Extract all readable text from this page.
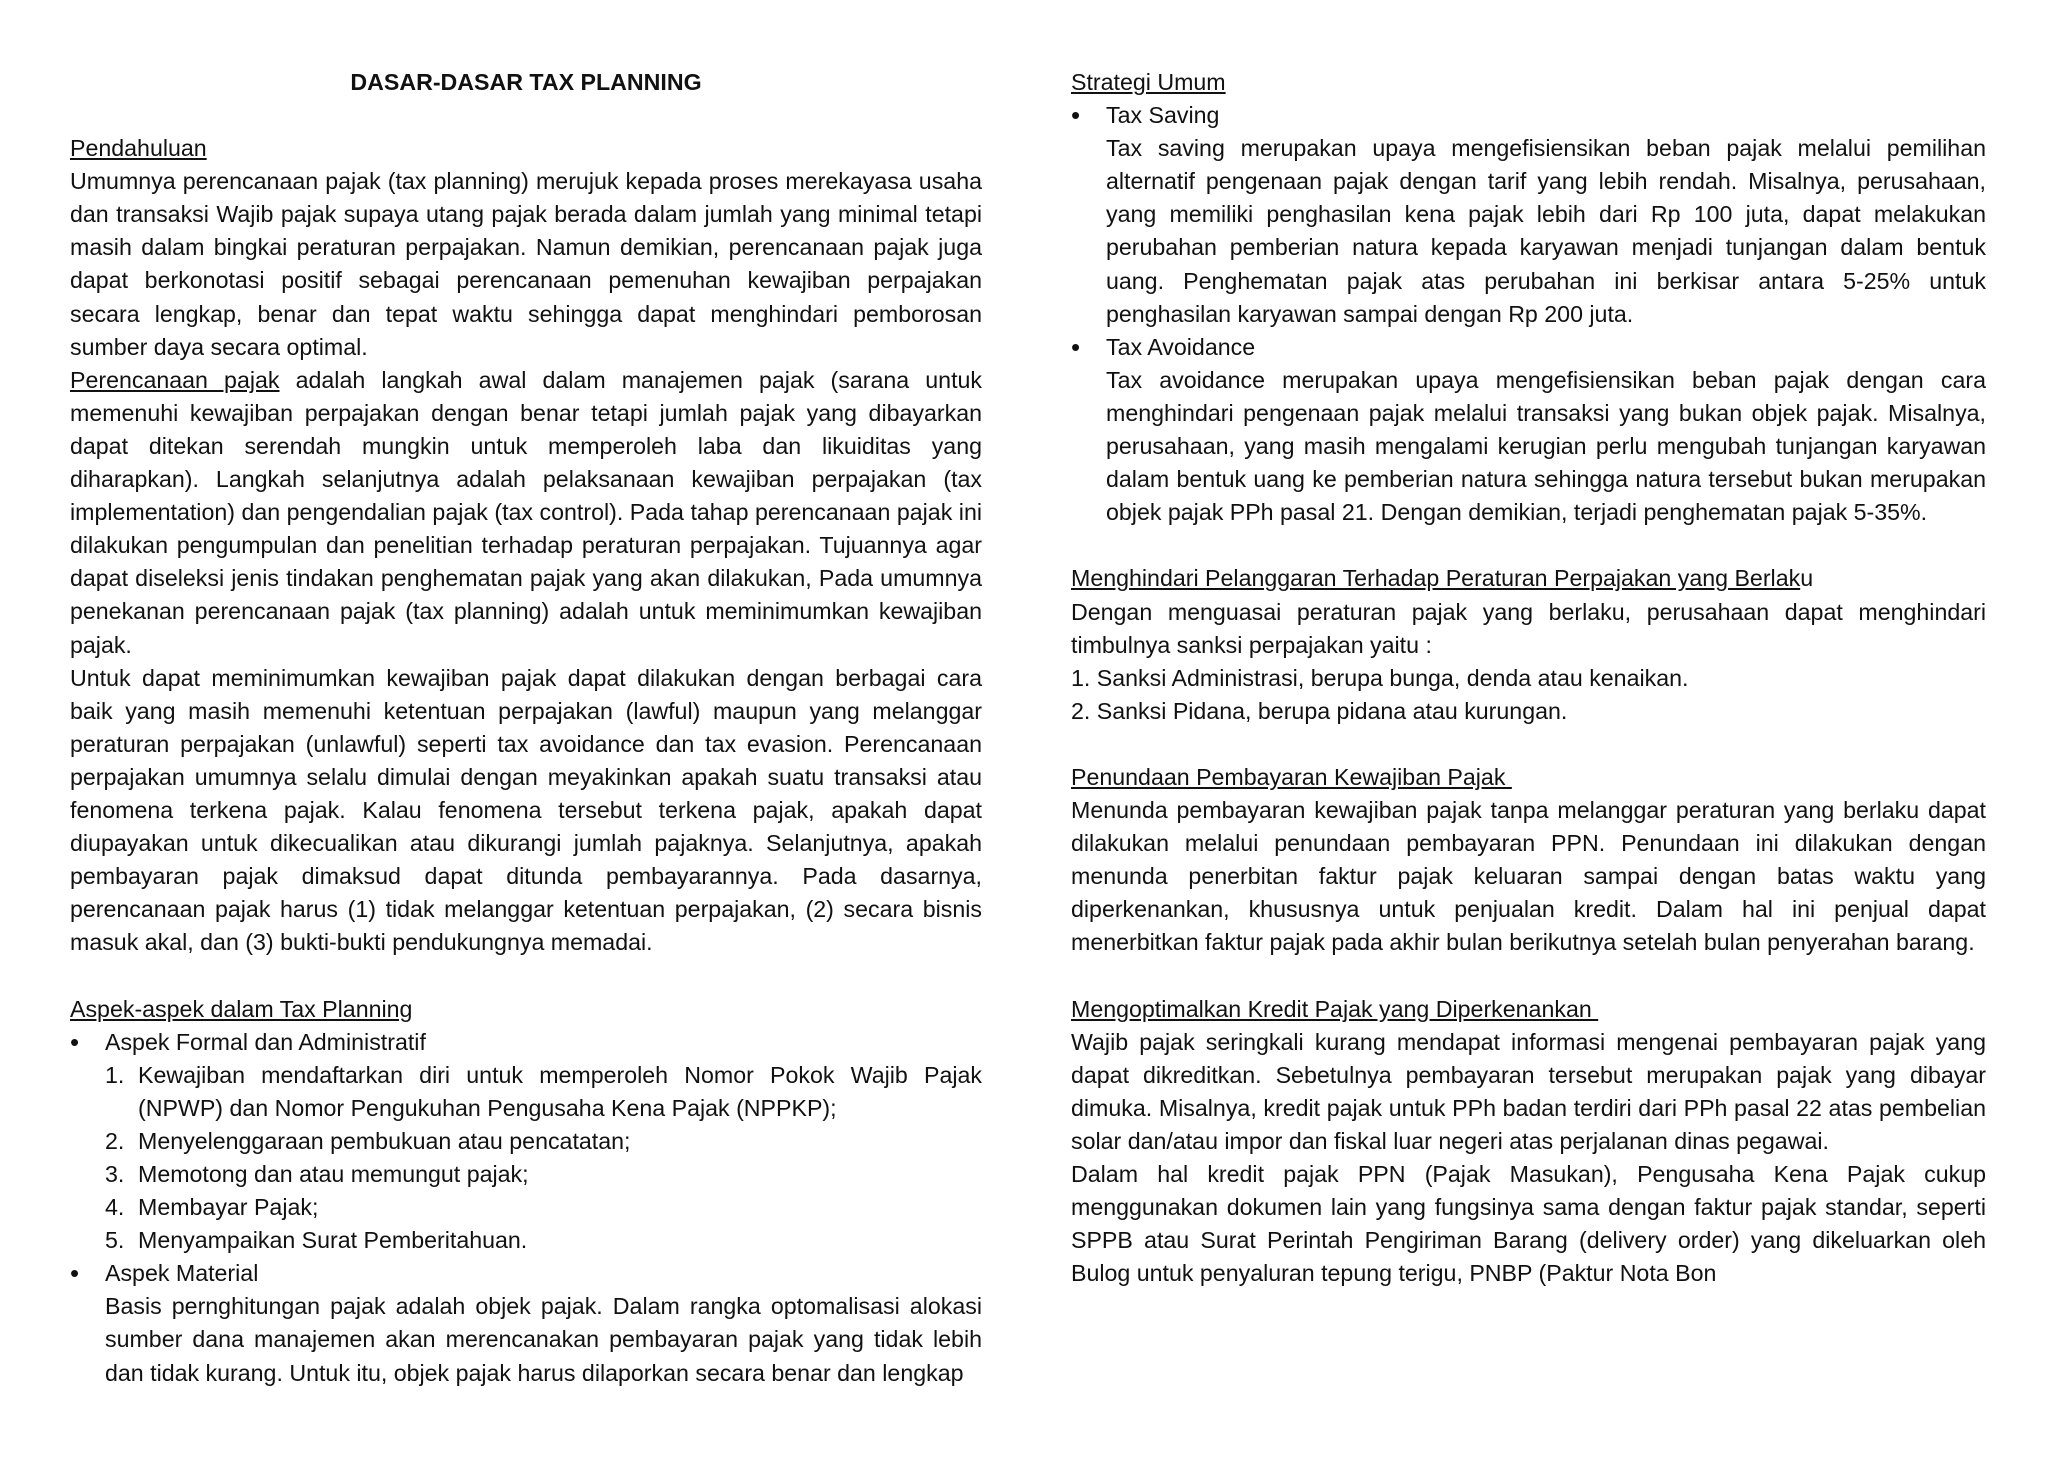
DASAR-DASAR TAX PLANNING
Pendahuluan

Umumnya perencanaan pajak (tax planning) merujuk kepada proses merekayasa usaha dan transaksi Wajib pajak supaya utang pajak berada dalam jumlah yang minimal tetapi masih dalam bingkai peraturan perpajakan. Namun demikian, perencanaan pajak juga dapat berkonotasi positif sebagai perencanaan pemenuhan kewajiban perpajakan secara lengkap, benar dan tepat waktu sehingga dapat menghindari pemborosan sumber daya secara optimal.

Perencanaan pajak adalah langkah awal dalam manajemen pajak (sarana untuk memenuhi kewajiban perpajakan dengan benar tetapi jumlah pajak yang dibayarkan dapat ditekan serendah mungkin untuk memperoleh laba dan likuiditas yang diharapkan). Langkah selanjutnya adalah pelaksanaan kewajiban perpajakan (tax implementation) dan pengendalian pajak (tax control). Pada tahap perencanaan pajak ini dilakukan pengumpulan dan penelitian terhadap peraturan perpajakan. Tujuannya agar dapat diseleksi jenis tindakan penghematan pajak yang akan dilakukan, Pada umumnya penekanan perencanaan pajak (tax planning) adalah untuk meminimumkan kewajiban pajak.

Untuk dapat meminimumkan kewajiban pajak dapat dilakukan dengan berbagai cara baik yang masih memenuhi ketentuan perpajakan (lawful) maupun yang melanggar peraturan perpajakan (unlawful) seperti tax avoidance dan tax evasion. Perencanaan perpajakan umumnya selalu dimulai dengan meyakinkan apakah suatu transaksi atau fenomena terkena pajak. Kalau fenomena tersebut terkena pajak, apakah dapat diupayakan untuk dikecualikan atau dikurangi jumlah pajaknya. Selanjutnya, apakah pembayaran pajak dimaksud dapat ditunda pembayarannya. Pada dasarnya, perencanaan pajak harus (1) tidak melanggar ketentuan perpajakan, (2) secara bisnis masuk akal, dan (3) bukti-bukti pendukungnya memadai.

Aspek-aspek dalam Tax Planning
• Aspek Formal dan Administratif
1. Kewajiban mendaftarkan diri untuk memperoleh Nomor Pokok Wajib Pajak (NPWP) dan Nomor Pengukuhan Pengusaha Kena Pajak (NPPKP);
2. Menyelenggaraan pembukuan atau pencatatan;
3. Memotong dan atau memungut pajak;
4. Membayar Pajak;
5. Menyampaikan Surat Pemberitahuan.
• Aspek Material

Basis pernghitungan pajak adalah objek pajak. Dalam rangka optomalisasi alokasi sumber dana manajemen akan merencanakan pembayaran pajak yang tidak lebih dan tidak kurang. Untuk itu, objek pajak harus dilaporkan secara benar dan lengkap

Strategi Umum
• Tax Saving

Tax saving merupakan upaya mengefisiensikan beban pajak melalui pemilihan alternatif pengenaan pajak dengan tarif yang lebih rendah. Misalnya, perusahaan, yang memiliki penghasilan kena pajak lebih dari Rp 100 juta, dapat melakukan perubahan pemberian natura kepada karyawan menjadi tunjangan dalam bentuk uang. Penghematan pajak atas perubahan ini berkisar antara 5-25% untuk penghasilan karyawan sampai dengan Rp 200 juta.

• Tax Avoidance

Tax avoidance merupakan upaya mengefisiensikan beban pajak dengan cara menghindari pengenaan pajak melalui transaksi yang bukan objek pajak. Misalnya, perusahaan, yang masih mengalami kerugian perlu mengubah tunjangan karyawan dalam bentuk uang ke pemberian natura sehingga natura tersebut bukan merupakan objek pajak PPh pasal 21. Dengan demikian, terjadi penghematan pajak 5-35%.

Menghindari Pelanggaran Terhadap Peraturan Perpajakan yang Berlaku

Dengan menguasai peraturan pajak yang berlaku, perusahaan dapat menghindari timbulnya sanksi perpajakan yaitu :

1. Sanksi Administrasi, berupa bunga, denda atau kenaikan.
2. Sanksi Pidana, berupa pidana atau kurungan.
Penundaan Pembayaran Kewajiban Pajak

Menunda pembayaran kewajiban pajak tanpa melanggar peraturan yang berlaku dapat dilakukan melalui penundaan pembayaran PPN. Penundaan ini dilakukan dengan menunda penerbitan faktur pajak keluaran sampai dengan batas waktu yang diperkenankan, khususnya untuk penjualan kredit. Dalam hal ini penjual dapat menerbitkan faktur pajak pada akhir bulan berikutnya setelah bulan penyerahan barang.

Mengoptimalkan Kredit Pajak yang Diperkenankan

Wajib pajak seringkali kurang mendapat informasi mengenai pembayaran pajak yang dapat dikreditkan. Sebetulnya pembayaran tersebut merupakan pajak yang dibayar dimuka. Misalnya, kredit pajak untuk PPh badan terdiri dari PPh pasal 22 atas pembelian solar dan/atau impor dan fiskal luar negeri atas perjalanan dinas pegawai.

Dalam hal kredit pajak PPN (Pajak Masukan), Pengusaha Kena Pajak cukup menggunakan dokumen lain yang fungsinya sama dengan faktur pajak standar, seperti SPPB atau Surat Perintah Pengiriman Barang (delivery order) yang dikeluarkan oleh Bulog untuk penyaluran tepung terigu, PNBP (Paktur Nota Bon
